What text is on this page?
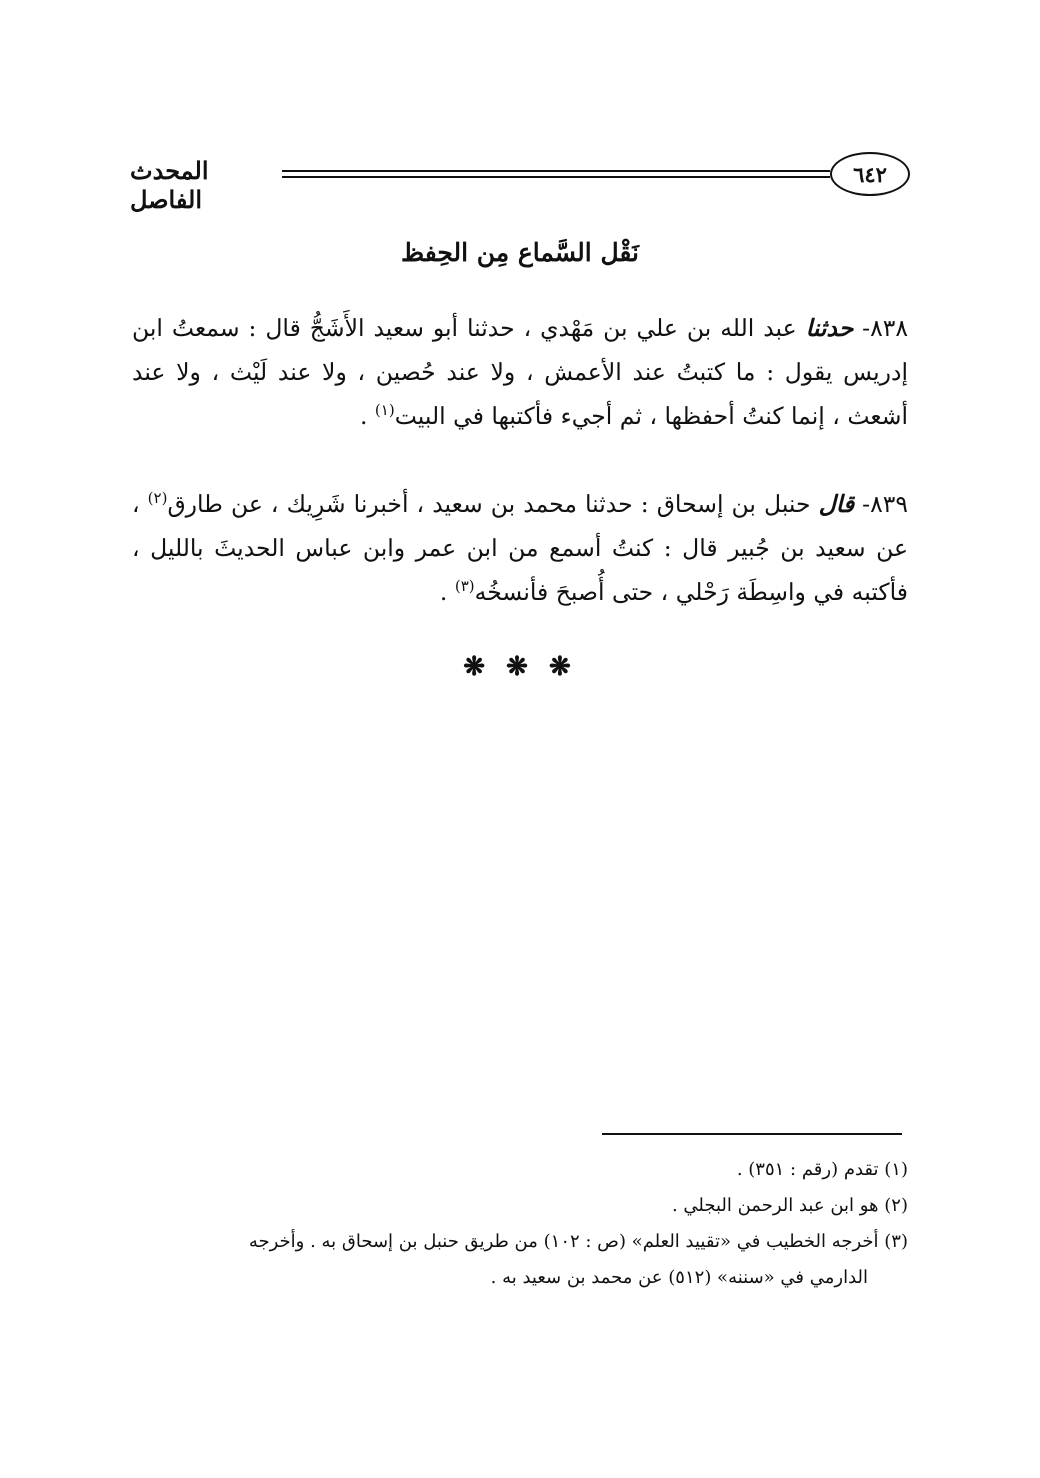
٦٤٢
المحدث الفاصل
نَقْل السَّماع مِن الحِفظ
٨٣٨- حدثنا عبد الله بن علي بن مَهْدي ، حدثنا أبو سعيد الأَشَجُّ قال : سمعتُ ابن إدريس يقول : ما كتبتُ عند الأعمش ، ولا عند حُصين ، ولا عند لَيْث ، ولا عند أشعث ، إنما كنتُ أحفظها ، ثم أجيء فأكتبها في البيت$^{(١)}$ .
٨٣٩- قال حنبل بن إسحاق : حدثنا محمد بن سعيد ، أخبرنا شَرِيك ، عن طارق$^{(٢)}$ ، عن سعيد بن جُبير قال : كنتُ أسمع من ابن عمر وابن عباس الحديثَ بالليل ، فأكتبه في واسِطَة رَحْلي ، حتى أُصبحَ فأنسخُه$^{(٣)}$ .
❋ ❋ ❋
(١) تقدم (رقم : ٣٥١) .
(٢) هو ابن عبد الرحمن البجلي .
(٣) أخرجه الخطيب في «تقييد العلم» (ص : ١٠٢) من طريق حنبل بن إسحاق به . وأخرجه
الدارمي في «سننه» (٥١٢) عن محمد بن سعيد به .
